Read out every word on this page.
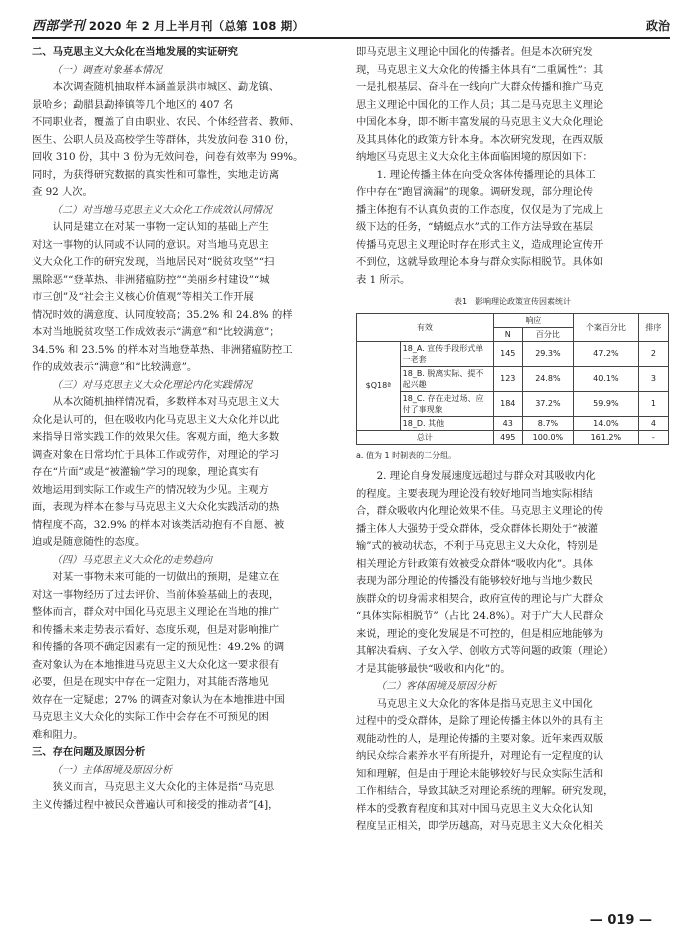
西部学刊 2020 年 2 月上半月刊（总第 108 期）	政治
二、马克思主义大众化在当地发展的实证研究
（一）调查对象基本情况
本次调查随机抽取样本涵盖景洪市城区、勐龙镇、
景哈乡；勐腊县勐捧镇等几个地区的 407 名
不同职业者，覆盖了自由职业、农民、个体经营者、教师、
医生、公职人员及高校学生等群体，共发放问卷 310 份，
回收 310 份，其中 3 份为无效问卷，问卷有效率为 99%。
同时，为获得研究数据的真实性和可靠性，实地走访离
查 92 人次。
（二）对当地马克思主义大众化工作成效认同情况
认同是建立在对某一事物一定认知的基础上产生
对这一事物的认同或不认同的意识。对当地马克思主
义大众化工作的研究发现，当地居民对“脱贫攻坚”“扫
黑除恶”“登革热、非洲猪瘟防控”“美丽乡村建设”“城
市三创”及“社会主义核心价值观”等相关工作开展
情况时效的满意度、认同度较高；35.2% 和 24.8% 的样
本对当地脱贫攻坚工作成效表示“满意”和“比较满意”；
34.5% 和 23.5% 的样本对当地登革热、非洲猪瘟防控工
作的成效表示“满意”和“比较满意”。
（三）对马克思主义大众化理论内化实践情况
从本次随机抽样情况看，多数样本对马克思主义大
众化是认可的，但在吸收内化马克思主义大众化并以此
来指导日常实践工作的效果欠佳。客观方面，绝大多数
调查对象在日常均忙于具体工作或劳作，对理论的学习
存在“片面”或是“被灌输”学习的现象，理论真实有
效地运用到实际工作或生产的情况较为少见。主观方
面，表现为样本在参与马克思主义大众化实践活动的热
情程度不高，32.9% 的样本对该类活动抱有不自愿、被
迫或是随意随性的态度。
（四）马克思主义大众化的走势趋向
对某一事物未来可能的一切做出的预期，是建立在
对这一事物经历了过去评价、当前体验基础上的表现，
整体而言，群众对中国化马克思主义理论在当地的推广
和传播未来走势表示看好、态度乐观，但是对影响推广
和传播的各项不确定因素有一定的预见性：49.2% 的调
查对象认为在本地推进马克思主义大众化这一要求很有
必要，但是在现实中存在一定阻力，对其能否落地见
效存在一定疑虑；27% 的调查对象认为在本地推进中国
马克思主义大众化的实际工作中会存在不可预见的困
难和阻力。
三、存在问题及原因分析
（一）主体困境及原因分析
狭义而言，马克思主义大众化的主体是指“马克思
主义传播过程中被民众普遍认可和接受的推动者”[4]，
即马克思主义理论中国化的传播者。但是本次研究发
现，马克思主义大众化的传播主体具有“二重属性”：其
一是扎根基层、奋斗在一线向广大群众传播和推广马克
思主义理论中国化的工作人员；其二是马克思主义理论
中国化本身，即不断丰富发展的马克思主义大众化理论
及其具体化的政策方针本身。本次研究发现，在西双版
纳地区马克思主义大众化主体面临困境的原因如下：
1. 理论传播主体在向受众客体传播理论的具体工
作中存在“跑冒滴漏”的现象。调研发现，部分理论传
播主体抱有不认真负责的工作态度，仅仅是为了完成上
级下达的任务，“蜻蜓点水”式的工作方法导致在基层
传播马克思主义理论时存在形式主义，造成理论宣传开
不到位，这就导致理论本身与群众实际相脱节。具体如
表 1 所示。
表1　影响理论政策宣传因素统计
有效		响应		个案百分比	排序
		N	百分比		
$Q18ª	18_A. 宣传手段形式单一老套	145	29.3%	47.2%	2
	18_B. 脱离实际、提不起兴趣	123	24.8%	40.1%	3
	18_C. 存在走过场、应付了事现象	184	37.2%	59.9%	1
	18_D. 其他	43	8.7%	14.0%	4
总计		495	100.0%	161.2%	-
a. 值为 1 时制表的二分组。
2. 理论自身发展速度远超过与群众对其吸收内化
的程度。主要表现为理论没有较好地同当地实际相结
合，群众吸收内化理论效果不佳。马克思主义理论的传
播主体人大强势于受众群体，受众群体长期处于“被灌
输”式的被动状态，不利于马克思主义大众化，特别是
相关理论方针政策有效被受众群体“吸收内化”。具体
表现为部分理论的传播没有能够较好地与当地少数民
族群众的切身需求相契合，政府宣传的理论与广大群众
“具体实际相脱节”（占比 24.8%）。对于广大人民群众
来说，理论的变化发展是不可控的，但是相应地能够为
其解决看病、子女入学、创收方式等问题的政策（理论）
才是其能够最快“吸收和内化”的。
（二）客体困境及原因分析
马克思主义大众化的客体是指马克思主义中国化
过程中的受众群体，是除了理论传播主体以外的具有主
观能动性的人，是理论传播的主要对象。近年来西双版
纳民众综合素养水平有所提升，对理论有一定程度的认
知和理解，但是由于理论未能够较好与民众实际生活和
工作相结合，导致其缺乏对理论系统的理解。研究发现，
样本的受教育程度和其对中国马克思主义大众化认知
程度呈正相关，即学历越高，对马克思主义大众化相关
— 019 —
